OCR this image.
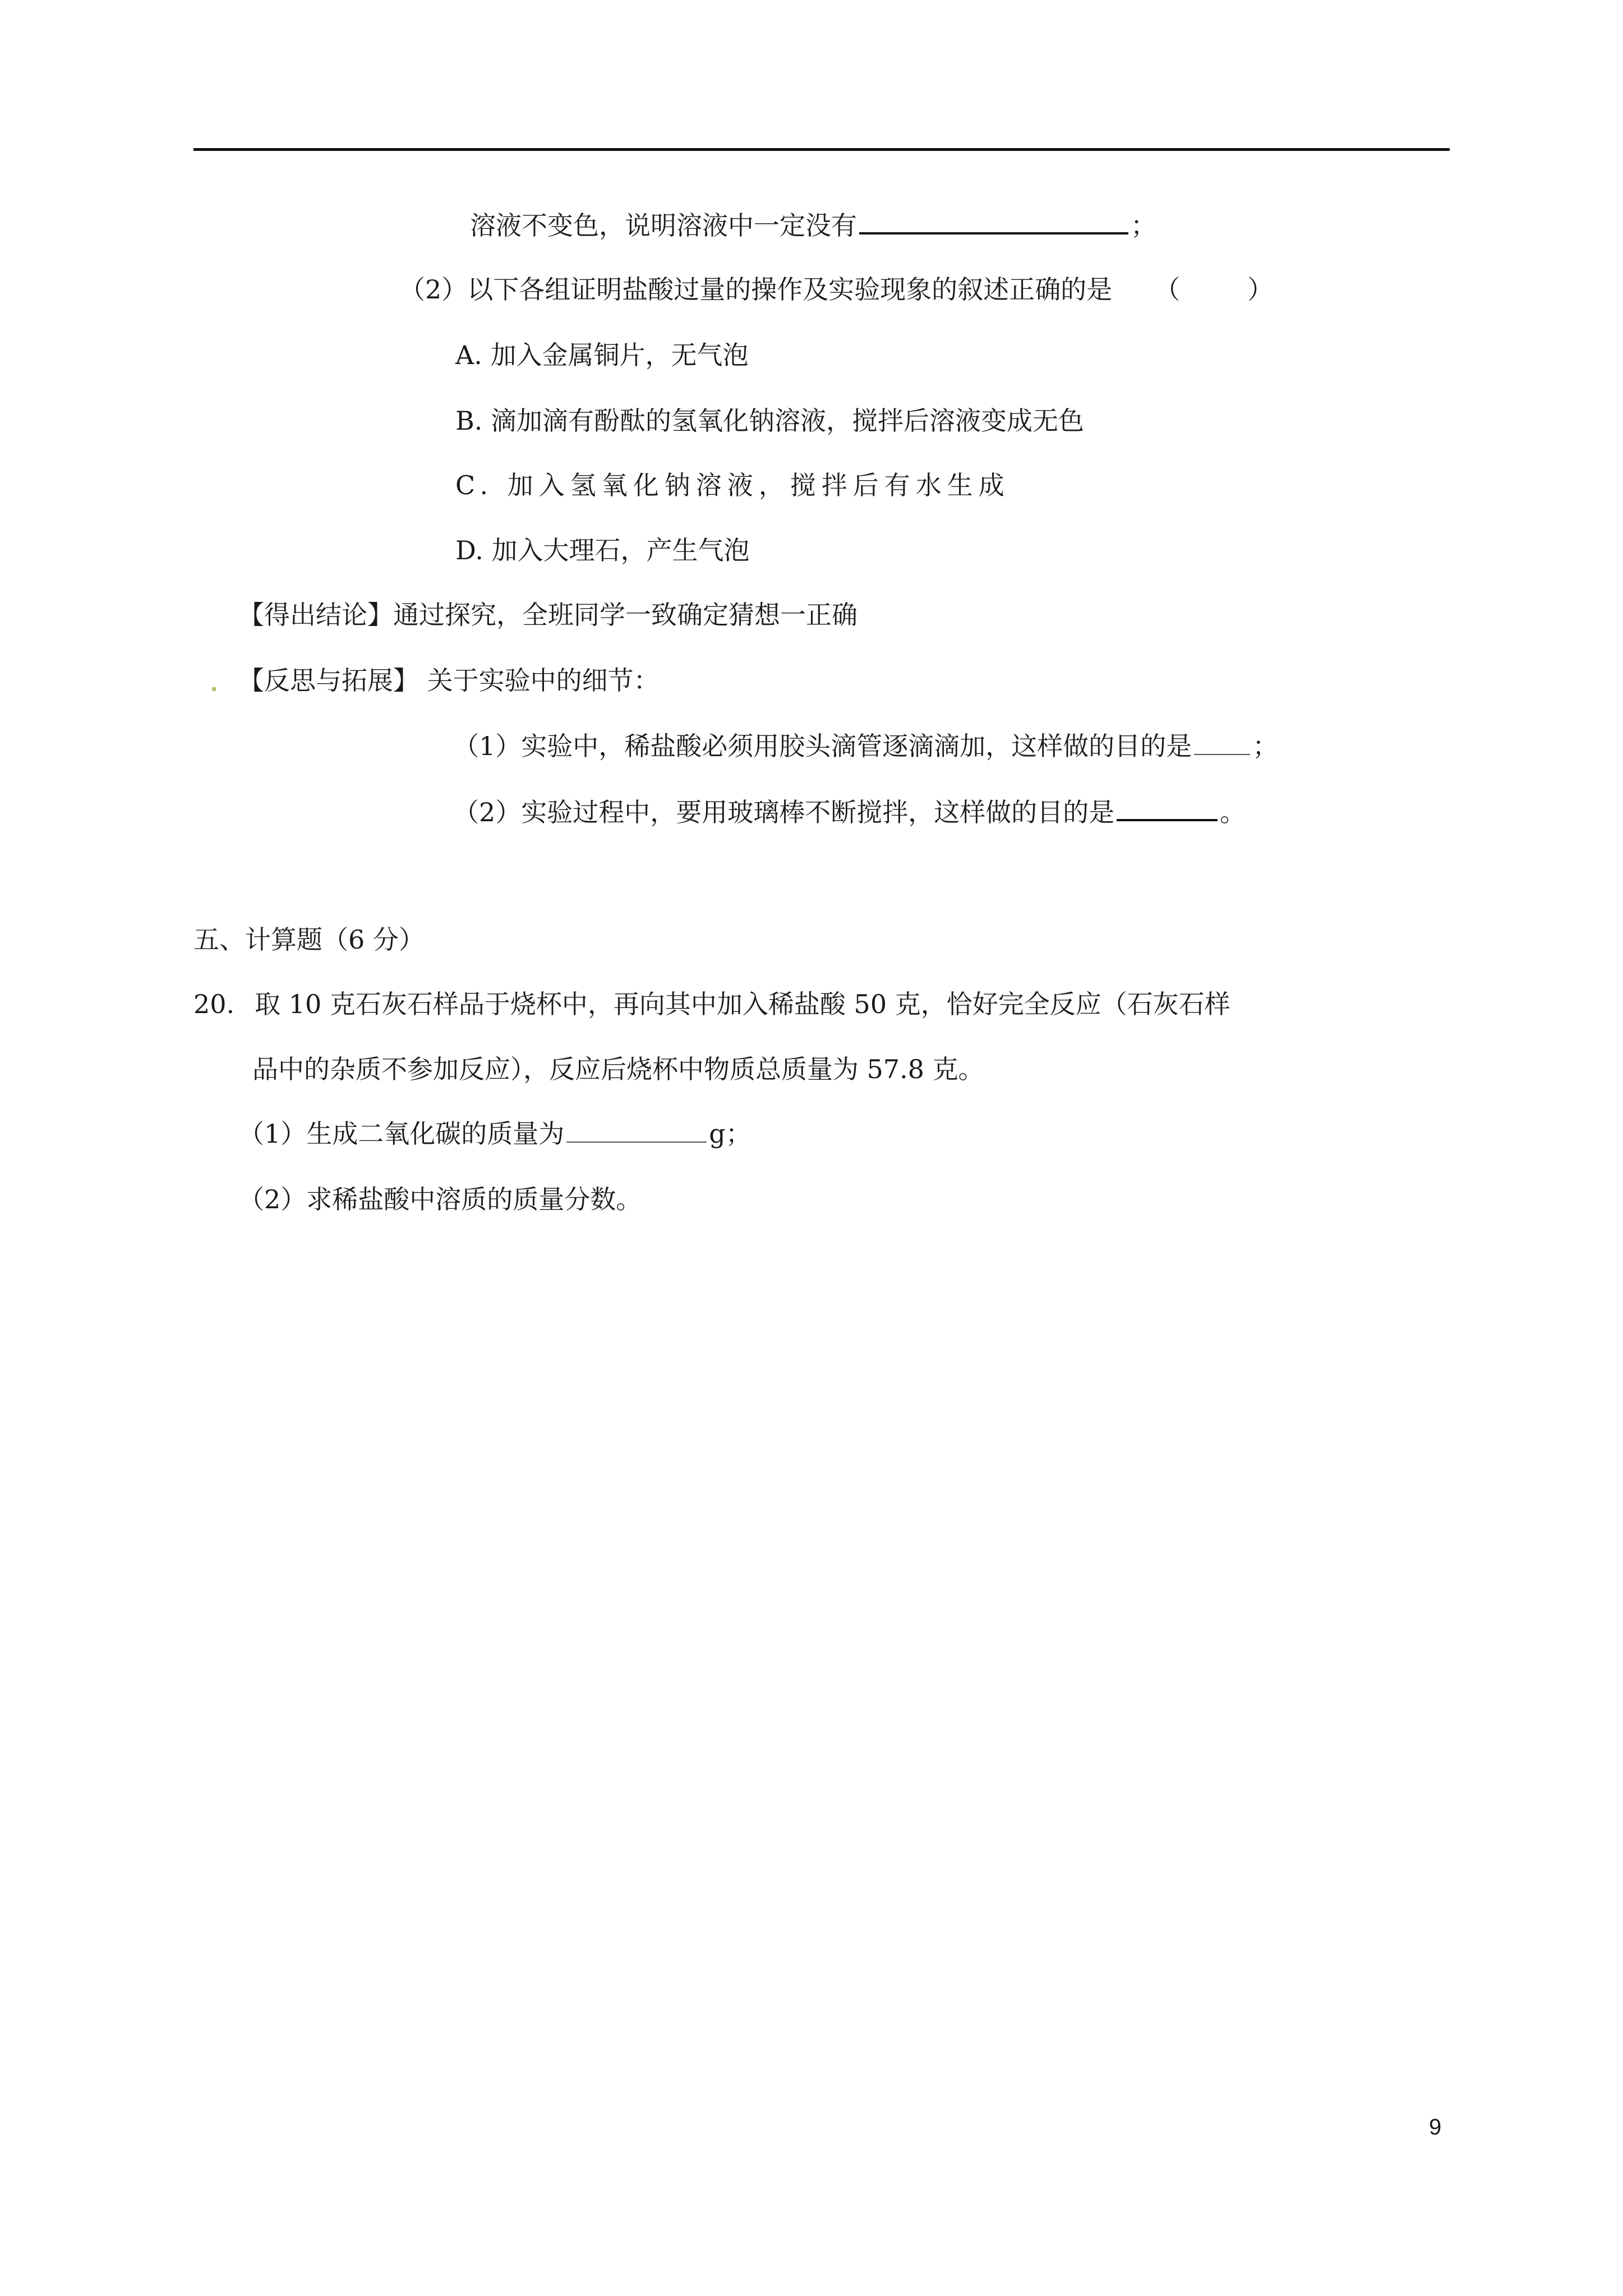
溶液不变色，说明溶液中一定没有	；
（2）以下各组证明盐酸过量的操作及实验现象的叙述正确的是 （	）
A. 加入金属铜片，无气泡
B. 滴加滴有酚酞的氢氧化钠溶液，搅拌后溶液变成无色
C. 加入氢氧化钠溶液，搅拌后有水生成
D. 加入大理石，产生气泡
【得出结论】通过探究，全班同学一致确定猜想一正确
【反思与拓展】 关于实验中的细节：
（1）实验中，稀盐酸必须用胶头滴管逐滴滴加，这样做的目的是 ；
（2）实验过程中，要用玻璃棒不断搅拌，这样做的目的是	。
五、计算题（6 分）
20. 取 10 克石灰石样品于烧杯中，再向其中加入稀盐酸 50 克，恰好完全反应（石灰石样
品中的杂质不参加反应），反应后烧杯中物质总质量为 57.8 克。
（1）生成二氧化碳的质量为	g；
（2）求稀盐酸中溶质的质量分数。
9
